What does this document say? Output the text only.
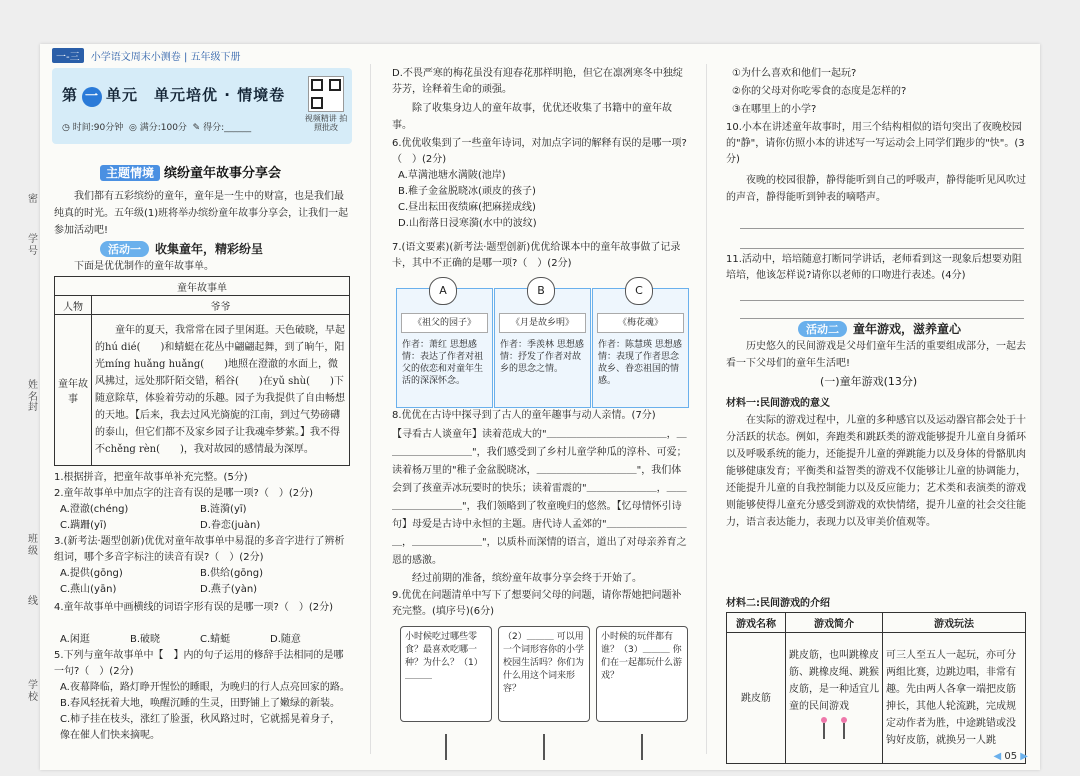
密
学号
姓名
封
班级
线
学校
一-三 小学语文周末小测卷 | 五年级下册
第 一 单元　单元培优 · 情境卷
◷ 时间:90分钟 ◎ 满分:100分 ✎ 得分:______
视频精讲 拍照批改
主题情境 缤纷童年故事分享会
我们都有五彩缤纷的童年，童年是一生中的财富，也是我们最纯真的时光。五年级(1)班将举办缤纷童年故事分享会，让我们一起参加活动吧!
活动一 收集童年，精彩纷呈
下面是优优制作的童年故事单。
童年故事单	
人物	爷爷
童年故事	童年的夏天，我常常在园子里闲逛。天色破晓，早起的hú dié(　　)和蜻蜓在花丛中翩翩起舞，到了晌午，阳光míng huǎng huǎng(　　)地照在澄澈的水面上，微风拂过，远处那阡陌交错，稻谷(　　)在yǔ shù(　　)下随意除草，体验着劳动的乐趣。园子为我提供了自由畅想的天地。【后来，我去过风光旖旎的江南，到过气势磅礴的泰山，但它们都不及家乡园子让我魂牵梦萦。】我不得不chěng rèn(　　)，我对故园的感情最为深厚。
1.根据拼音，把童年故事单补充完整。(5分)
2.童年故事单中加点字的注音有误的是哪一项?（　）(2分)
A.澄澈(chéng)	B.涟漪(yī)
C.蹒跚(yī)	D.眷恋(juàn)
3.(新考法·题型创新)优优对童年故事单中易混的多音字进行了辨析组词，哪个多音字标注的读音有误?（　）(2分)
A.提供(gōng)	B.供给(gōng)
C.燕山(yān)	D.燕子(yàn)
4.童年故事单中画横线的词语字形有误的是哪一项?（　）(2分)
A.闲逛	B.破晓	C.蜻蜓	D.随意
5.下列与童年故事单中【　】内的句子运用的修辞手法相同的是哪一句?（　）(2分)
A.夜幕降临，路灯睁开惺忪的睡眼，为晚归的行人点亮回家的路。
B.春风轻抚着大地，唤醒沉睡的生灵，田野铺上了嫩绿的新装。
C.柿子挂在枝头，涨红了脸蛋，秋风路过时，它就摇晃着身子，像在催人们快来摘呢。
D.不畏严寒的梅花虽没有迎春花那样明艳，但它在凛冽寒冬中独绽芬芳，诠释着生命的顽强。
除了收集身边人的童年故事，优优还收集了书籍中的童年故事。
6.优优收集到了一些童年诗词，对加点字词的解释有误的是哪一项?（　）(2分)
A.草满池塘水满陂(池岸)
B.稚子金盆脱晓冰(顽皮的孩子)
C.昼出耘田夜绩麻(把麻搓成线)
D.山衔落日浸寒漪(水中的波纹)
7.(语文要素)(新考法·题型创新)优优给课本中的童年故事做了记录卡，其中不正确的是哪一项?（　）(2分)
A
《祖父的园子》
作者：萧红 思想感情：表达了作者对祖父的依恋和对童年生活的深深怀念。
B
《月是故乡明》
作者：季羡林 思想感情：抒发了作者对故乡的思念之情。
C
《梅花魂》
作者：陈慧瑛 思想感情：表现了作者思念故乡、眷恋祖国的情感。
8.优优在古诗中探寻到了古人的童年趣事与动人亲情。(7分)
【寻看古人谈童年】读着范成大的"＿＿＿＿＿＿＿＿＿＿＿＿，＿＿＿＿＿＿＿＿＿"，我们感受到了乡村儿童学种瓜的淳朴、可爱；读着杨万里的"稚子金盆脱晓冰，＿＿＿＿＿＿＿＿＿＿"，我们体会到了孩童弄冰玩要时的快乐；读着雷震的"＿＿＿＿＿＿＿，＿＿＿＿＿＿＿＿＿"，我们领略到了牧童晚归的悠然。【忆母情怀引诗句】母爱是古诗中永恒的主题。唐代诗人孟郊的"＿＿＿＿＿＿＿＿＿，＿＿＿＿＿＿＿"，以质朴而深情的语言，道出了对母亲养育之恩的感激。
经过前期的准备，缤纷童年故事分享会终于开始了。
9.优优在问题清单中写下了想要问父母的问题，请你帮她把问题补充完整。(填序号)(6分)
小时候吃过哪些零食？最喜欢吃哪一种？为什么？（1）＿＿＿
（2）＿＿＿ 可以用一个词形容你的小学校园生活吗？你们为什么用这个词来形容？
小时候的玩伴都有谁？（3）＿＿＿ 你们在一起都玩什么游戏？
①为什么喜欢和他们一起玩?
②你的父母对你吃零食的态度是怎样的?
③在哪里上的小学?
10.小本在讲述童年故事时，用三个结构相似的语句突出了夜晚校园的"静"，请你仿照小本的讲述写一写运动会上同学们跑步的"快"。(3分)
夜晚的校园很静，静得能听到自己的呼吸声，静得能听见风吹过的声音，静得能听到钟表的嘀嗒声。
11.活动中，培培随意打断同学讲话，老师看到这一现象后想要劝阻培培，他该怎样说?请你以老师的口吻进行表述。(4分)
活动二 童年游戏，滋养童心
历史悠久的民间游戏是父母们童年生活的重要组成部分，一起去看一下父母们的童年生活吧!
(一)童年游戏(13分)
材料一:民间游戏的意义
在实际的游戏过程中，儿童的多种感官以及运动器官都会处于十分活跃的状态。例如，奔跑类和跳跃类的游戏能够提升儿童自身循环以及呼吸系统的能力，还能提升儿童的弹跳能力以及身体的骨骼肌肉能够健康发育；平衡类和益智类的游戏不仅能够让儿童的协调能力，还能提升儿童的自我控制能力以及反应能力；艺术类和表演类的游戏则能够使得儿童充分感受到游戏的欢快情绪，提升儿童的社会交往能力，语言表达能力，表现力以及审美价值观等。
材料二:民间游戏的介绍
游戏名称	游戏简介	游戏玩法

跳皮筋	跳皮筋，也叫跳橡皮筋、跳橡皮绳、跳猴皮筋，是一种适宜儿童的民间游戏	可三人至五人一起玩，亦可分两组比赛，边跳边唱，非常有趣。先由两人各拿一端把皮筋抻长，其他人轮流跳，完成规定动作者为胜，中途跳错或没钩好皮筋，就换另一人跳
◀ 05 ▶
